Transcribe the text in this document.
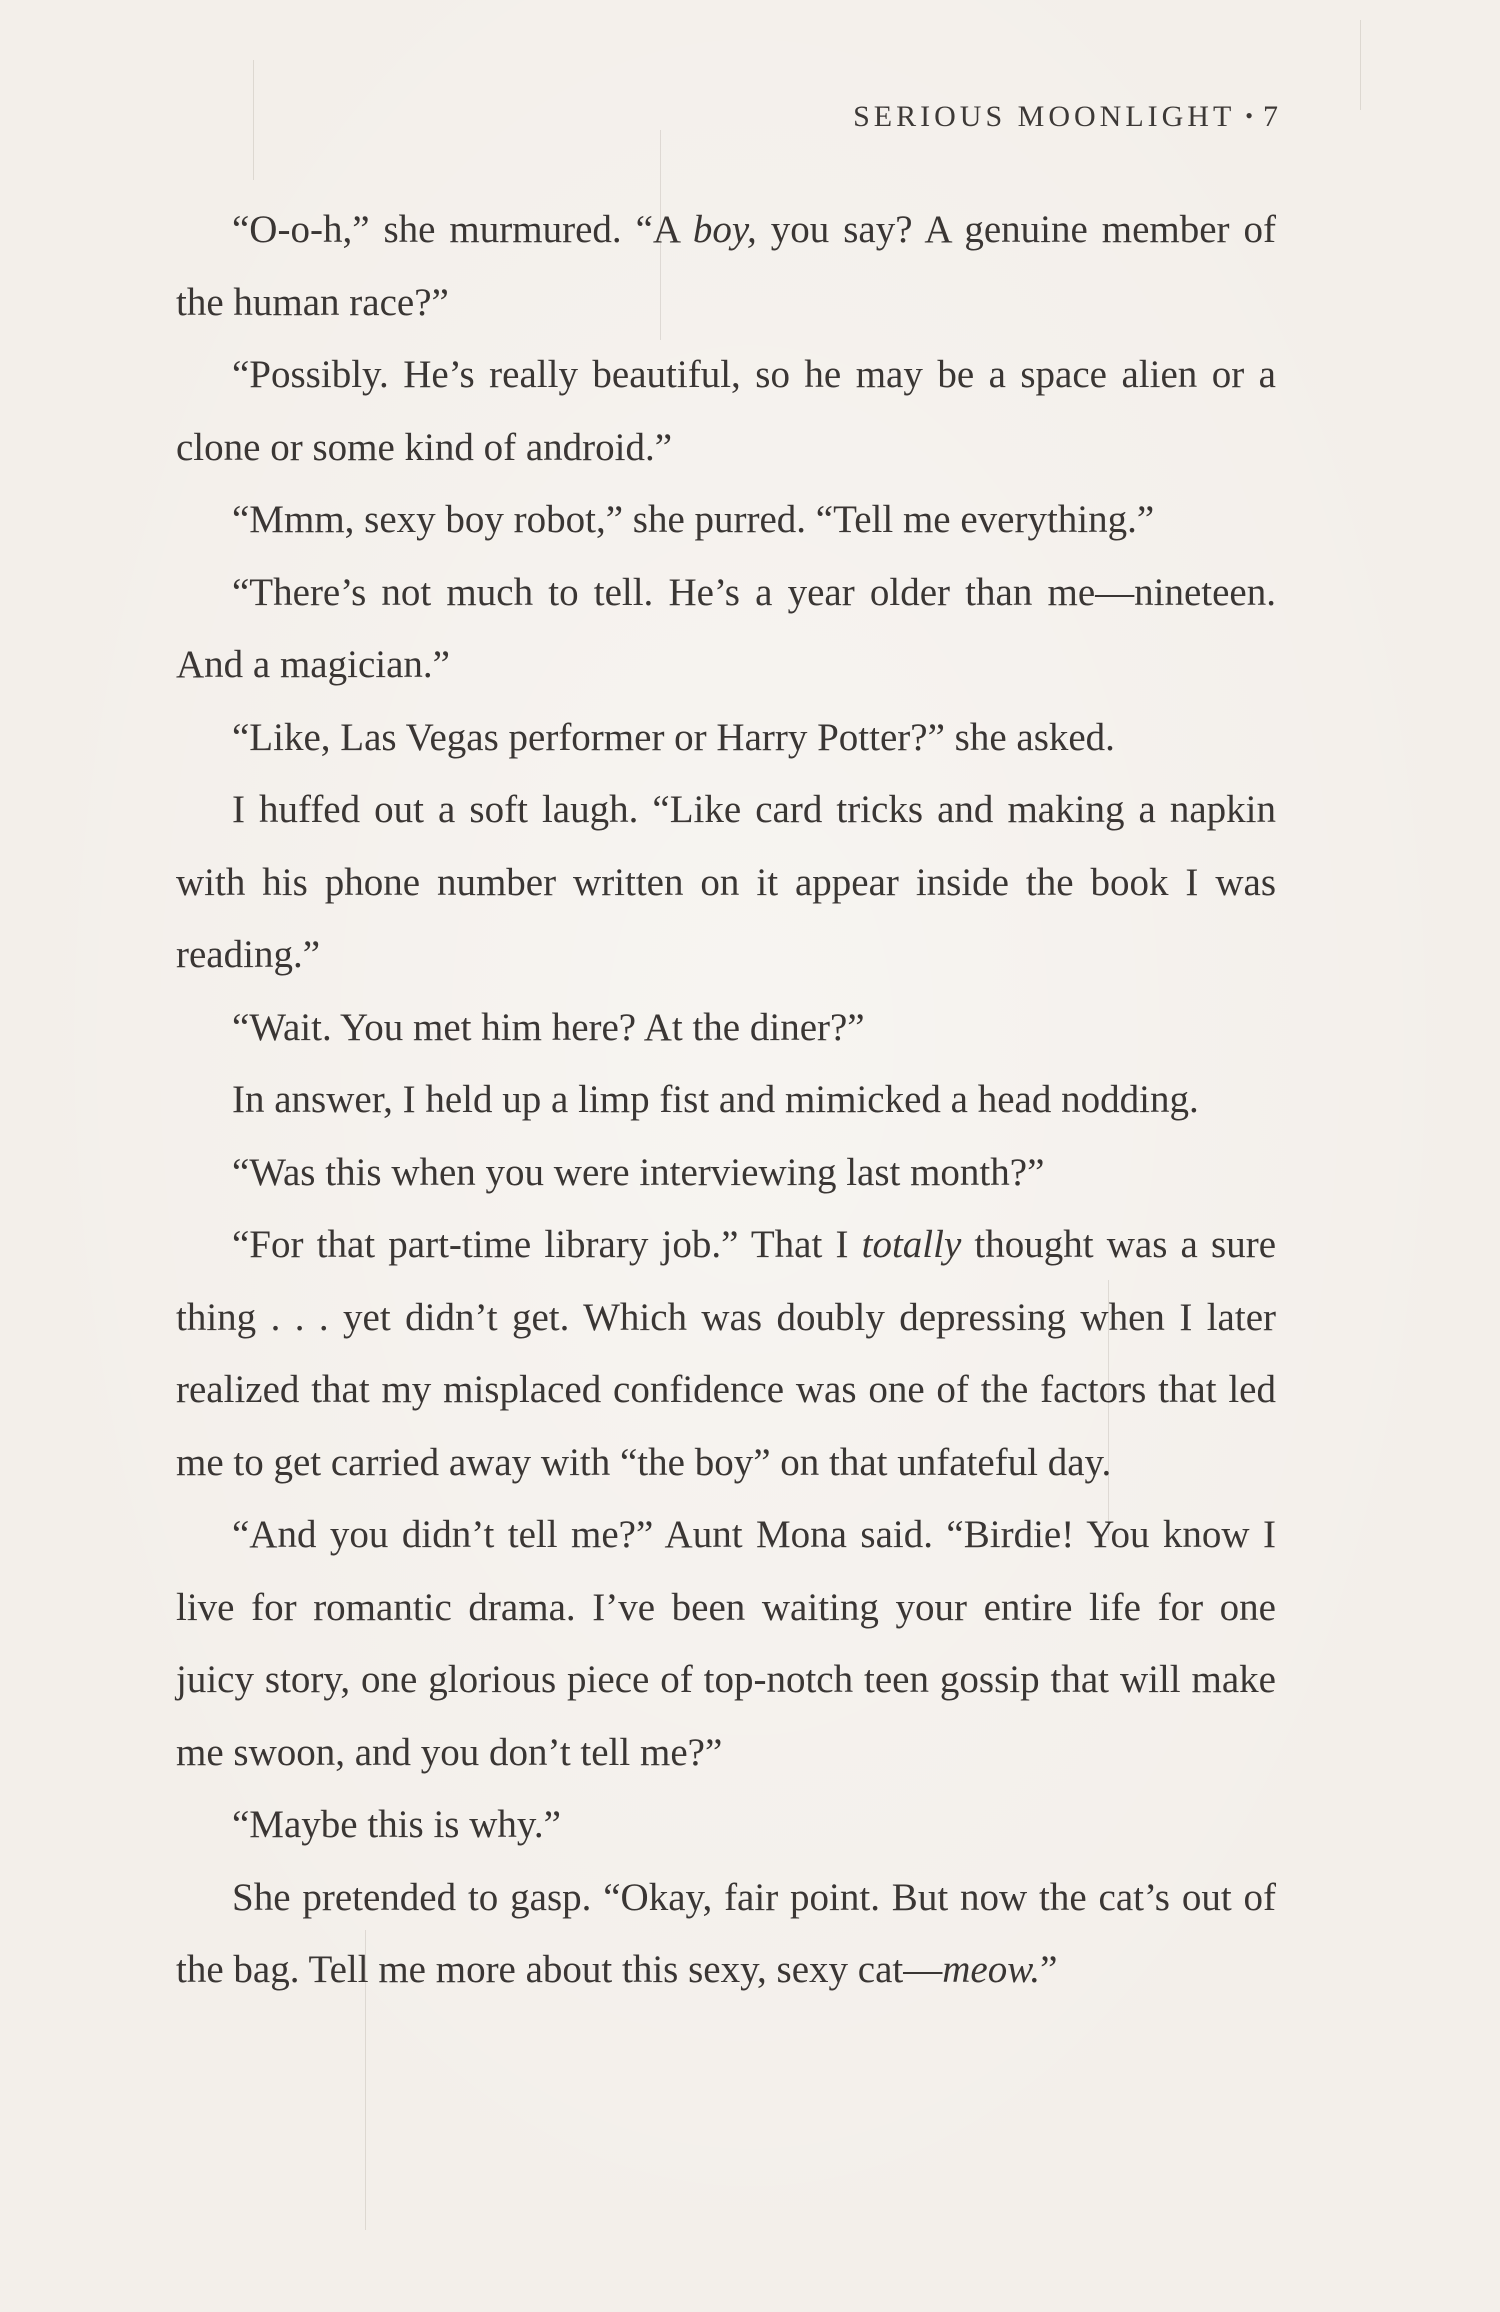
SERIOUS MOONLIGHT • 7

“O-o-h,” she murmured. “A boy, you say? A genuine member of the human race?”

“Possibly. He’s really beautiful, so he may be a space alien or a clone or some kind of android.”

“Mmm, sexy boy robot,” she purred. “Tell me everything.”

“There’s not much to tell. He’s a year older than me—nineteen. And a magician.”

“Like, Las Vegas performer or Harry Potter?” she asked.

I huffed out a soft laugh. “Like card tricks and making a napkin with his phone number written on it appear inside the book I was reading.”

“Wait. You met him here? At the diner?”

In answer, I held up a limp fist and mimicked a head nodding.

“Was this when you were interviewing last month?”

“For that part-time library job.” That I totally thought was a sure thing . . . yet didn’t get. Which was doubly depressing when I later realized that my misplaced confidence was one of the factors that led me to get carried away with “the boy” on that unfateful day.

“And you didn’t tell me?” Aunt Mona said. “Birdie! You know I live for romantic drama. I’ve been waiting your entire life for one juicy story, one glorious piece of top-notch teen gossip that will make me swoon, and you don’t tell me?”

“Maybe this is why.”

She pretended to gasp. “Okay, fair point. But now the cat’s out of the bag. Tell me more about this sexy, sexy cat—meow.”
